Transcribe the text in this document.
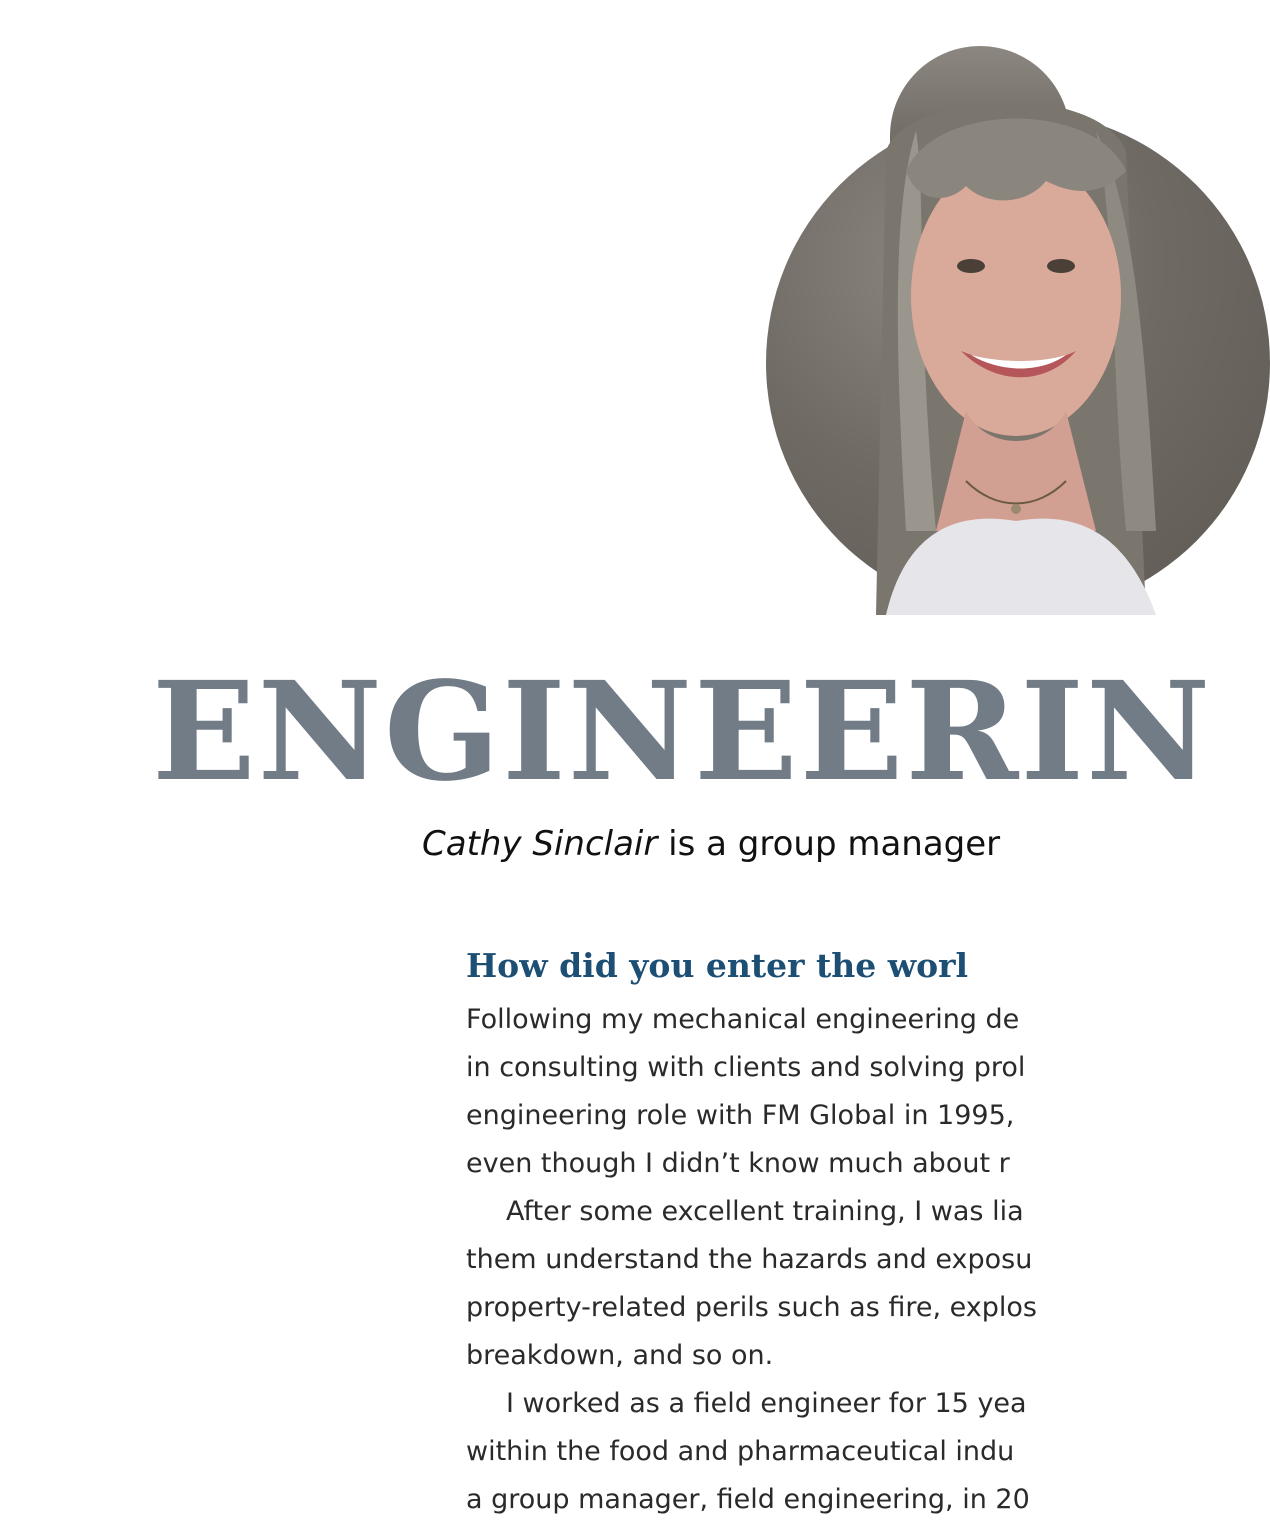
ENGINEERIN

Cathy Sinclair is a group manager

How did you enter the worl
Following my mechanical engineering de
in consulting with clients and solving prol
engineering role with FM Global in 1995,
even though I didn’t know much about r
After some excellent training, I was lia
them understand the hazards and exposu
property-related perils such as fire, explos
breakdown, and so on.
I worked as a field engineer for 15 yea
within the food and pharmaceutical indu
a group manager, field engineering, in 20
